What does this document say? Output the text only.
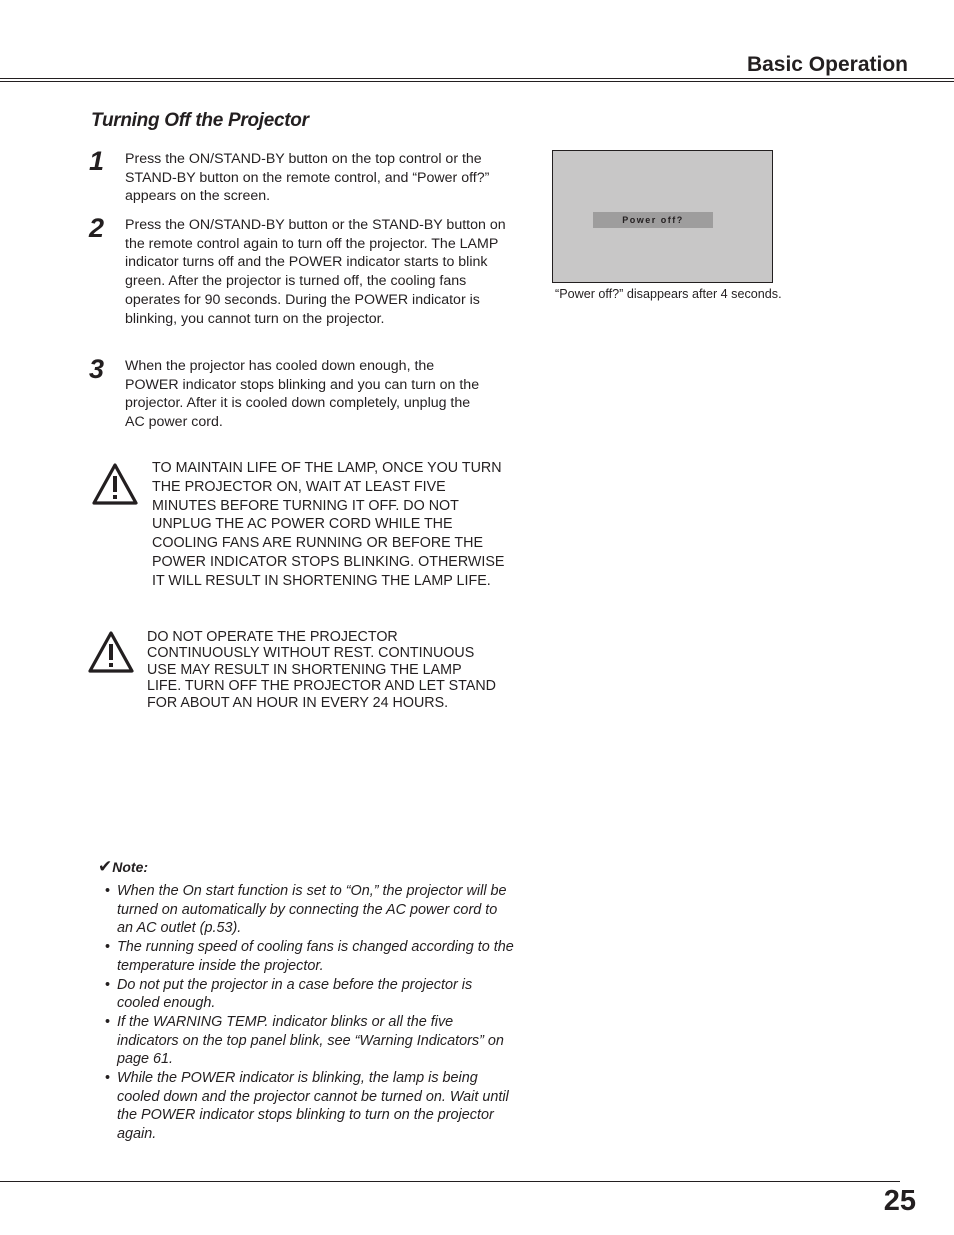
Basic Operation
Turning Off the Projector
1 Press the ON/STAND-BY button on the top control or the STAND-BY button on the remote control, and “Power off?” appears on the screen.
2 Press the ON/STAND-BY button or the STAND-BY button on the remote control again to turn off the projector. The LAMP indicator turns off and the POWER indicator starts to blink green. After the projector is turned off, the cooling fans operates for 90 seconds. During the POWER indicator is blinking, you cannot turn on the projector.
3 When the projector has cooled down enough, the POWER indicator stops blinking and you can turn on the projector. After it is cooled down completely, unplug the AC power cord.
Power off?
“Power off?” disappears after 4 seconds.
TO MAINTAIN LIFE OF THE LAMP, ONCE YOU TURN THE PROJECTOR ON, WAIT AT LEAST FIVE MINUTES BEFORE TURNING IT OFF. DO NOT UNPLUG THE AC POWER CORD WHILE THE COOLING FANS ARE RUNNING OR BEFORE THE POWER INDICATOR STOPS BLINKING. OTHERWISE IT WILL RESULT IN SHORTENING THE LAMP LIFE.
DO NOT OPERATE THE PROJECTOR CONTINUOUSLY WITHOUT REST. CONTINUOUS USE MAY RESULT IN SHORTENING THE LAMP LIFE. TURN OFF THE PROJECTOR AND LET STAND FOR ABOUT AN HOUR IN EVERY 24 HOURS.
✔Note:
• When the On start function is set to “On,” the projector will be turned on automatically by connecting the AC power cord to an AC outlet (p.53).
• The running speed of cooling fans is changed according to the temperature inside the projector.
• Do not put the projector in a case before the projector is cooled enough.
• If the WARNING TEMP. indicator blinks or all the five indicators on the top panel blink, see “Warning Indicators” on page 61.
• While the POWER indicator is blinking, the lamp is being cooled down and the projector cannot be turned on. Wait until the POWER indicator stops blinking to turn on the projector again.
25
